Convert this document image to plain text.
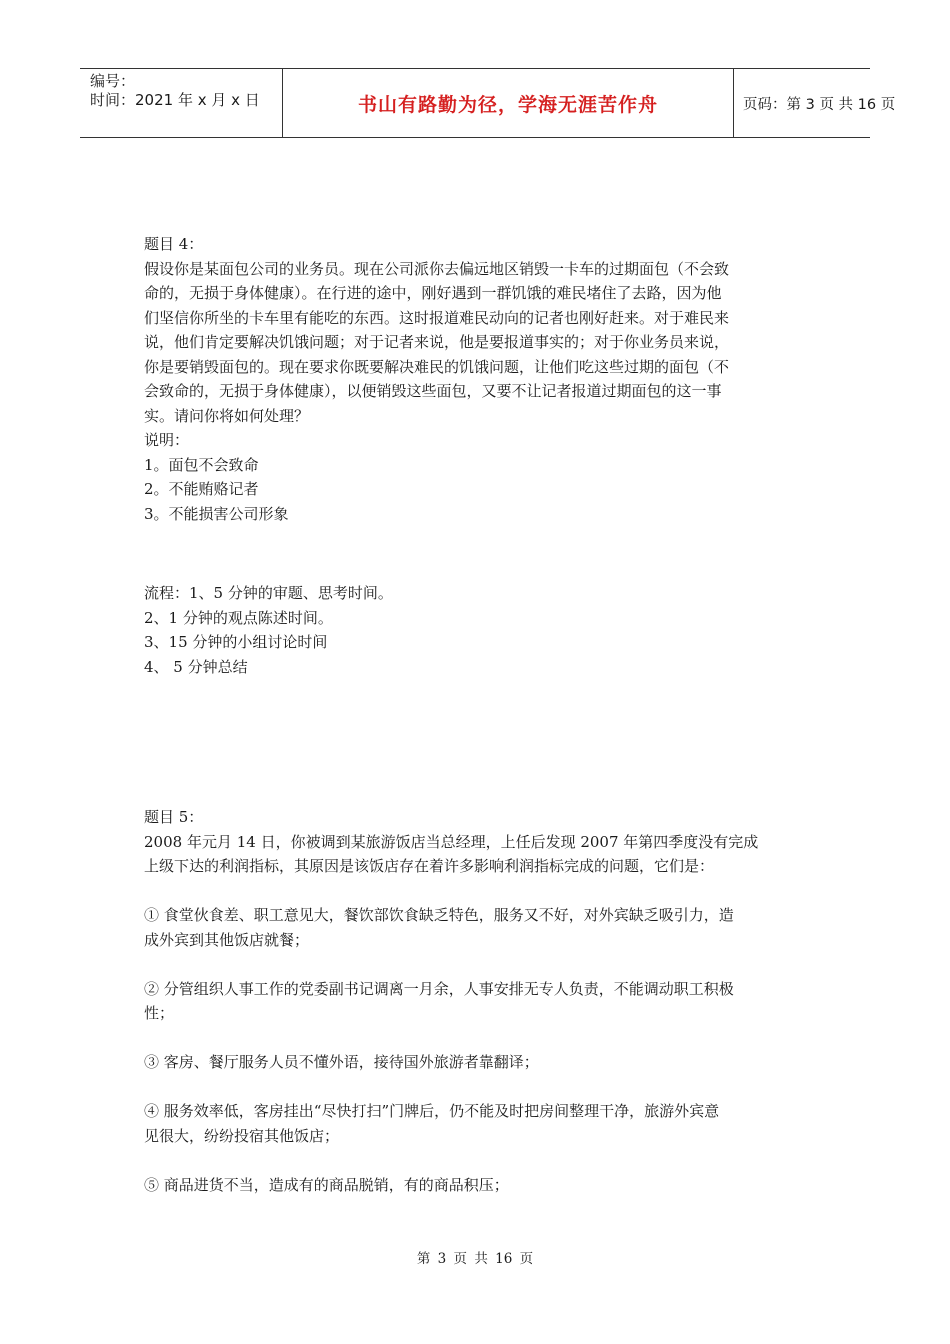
编号：
时间：2021 年 x 月 x 日	书山有路勤为径，学海无涯苦作舟	页码：第 3 页 共 16 页
题目 4：
假设你是某面包公司的业务员。现在公司派你去偏远地区销毁一卡车的过期面包（不会致
命的，无损于身体健康）。在行进的途中，刚好遇到一群饥饿的难民堵住了去路，因为他
们坚信你所坐的卡车里有能吃的东西。这时报道难民动向的记者也刚好赶来。对于难民来
说，他们肯定要解决饥饿问题；对于记者来说，他是要报道事实的；对于你业务员来说，
你是要销毁面包的。现在要求你既要解决难民的饥饿问题，让他们吃这些过期的面包（不
会致命的，无损于身体健康），以便销毁这些面包，又要不让记者报道过期面包的这一事
实。请问你将如何处理？
说明：
1。面包不会致命
2。不能贿赂记者
3。不能损害公司形象
流程：1、5 分钟的审题、思考时间。
2、1 分钟的观点陈述时间。
3、15 分钟的小组讨论时间
4、 5 分钟总结
题目 5：
2008 年元月 14 日，你被调到某旅游饭店当总经理，上任后发现 2007 年第四季度没有完成
上级下达的利润指标，其原因是该饭店存在着许多影响利润指标完成的问题，它们是：
① 食堂伙食差、职工意见大，餐饮部饮食缺乏特色，服务又不好，对外宾缺乏吸引力，造
成外宾到其他饭店就餐；
② 分管组织人事工作的党委副书记调离一月余，人事安排无专人负责，不能调动职工积极
性；
③ 客房、餐厅服务人员不懂外语，接待国外旅游者靠翻译；
④ 服务效率低，客房挂出“尽快打扫”门牌后，仍不能及时把房间整理干净，旅游外宾意
见很大，纷纷投宿其他饭店；
⑤ 商品进货不当，造成有的商品脱销，有的商品积压；
第 3 页 共 16 页
